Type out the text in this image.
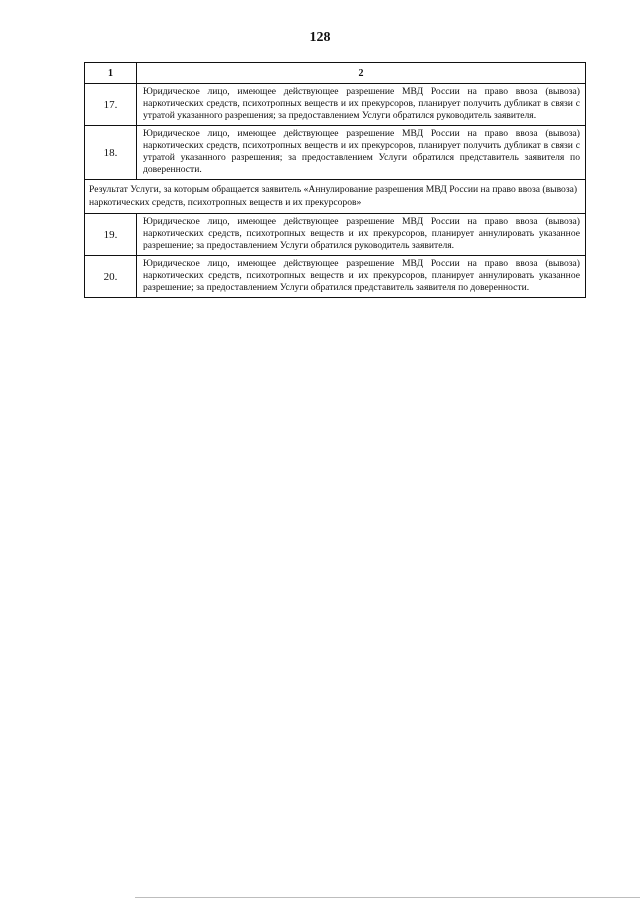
128
1	2
17.	Юридическое лицо, имеющее действующее разрешение МВД России на право ввоза (вывоза) наркотических средств, психотропных веществ и их прекурсоров, планирует получить дубликат в связи с утратой указанного разрешения; за предоставлением Услуги обратился руководитель заявителя.
18.	Юридическое лицо, имеющее действующее разрешение МВД России на право ввоза (вывоза) наркотических средств, психотропных веществ и их прекурсоров, планирует получить дубликат в связи с утратой указанного разрешения; за предоставлением Услуги обратился представитель заявителя по доверенности.
Результат Услуги, за которым обращается заявитель «Аннулирование разрешения МВД России на право ввоза (вывоза) наркотических средств, психотропных веществ и их прекурсоров»	
19.	Юридическое лицо, имеющее действующее разрешение МВД России на право ввоза (вывоза) наркотических средств, психотропных веществ и их прекурсоров, планирует аннулировать указанное разрешение; за предоставлением Услуги обратился руководитель заявителя.
20.	Юридическое лицо, имеющее действующее разрешение МВД России на право ввоза (вывоза) наркотических средств, психотропных веществ и их прекурсоров, планирует аннулировать указанное разрешение; за предоставлением Услуги обратился представитель заявителя по доверенности.
